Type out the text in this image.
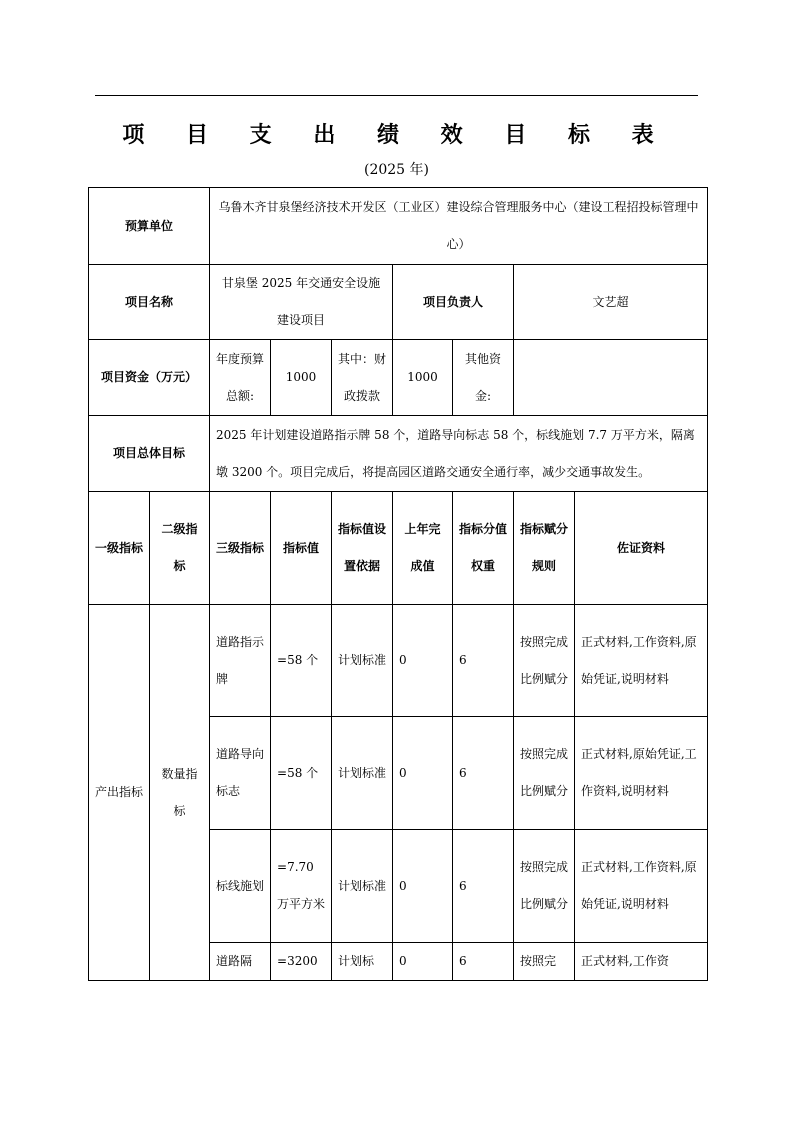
项 目 支 出 绩 效 目 标 表
(2025 年)
预算单位		乌鲁木齐甘泉堡经济技术开发区（工业区）建设综合管理服务中心（建设工程招投标管理中心）						
项目名称		甘泉堡 2025 年交通安全设施建设项目			项目负责人		文艺超	
项目资金（万元）		年度预算总额:	1000	其中：财政拨款	1000	其他资金:		
项目总体目标		2025 年计划建设道路指示牌 58 个，道路导向标志 58 个，标线施划 7.7 万平方米，隔离墩 3200 个。项目完成后，将提高园区道路交通安全通行率，减少交通事故发生。						
一级指标	二级指标	三级指标	指标值	指标值设置依据	上年完成值	指标分值权重	指标赋分规则	佐证资料
产出指标	数量指标	道路指示牌	=58 个	计划标准	0	6	按照完成比例赋分	正式材料,工作资料,原始凭证,说明材料
		道路导向标志	=58 个	计划标准	0	6	按照完成比例赋分	正式材料,原始凭证,工作资料,说明材料
		标线施划	=7.70 万平方米	计划标准	0	6	按照完成比例赋分	正式材料,工作资料,原始凭证,说明材料
		道路隔	=3200	计划标	0	6	按照完	正式材料,工作资
